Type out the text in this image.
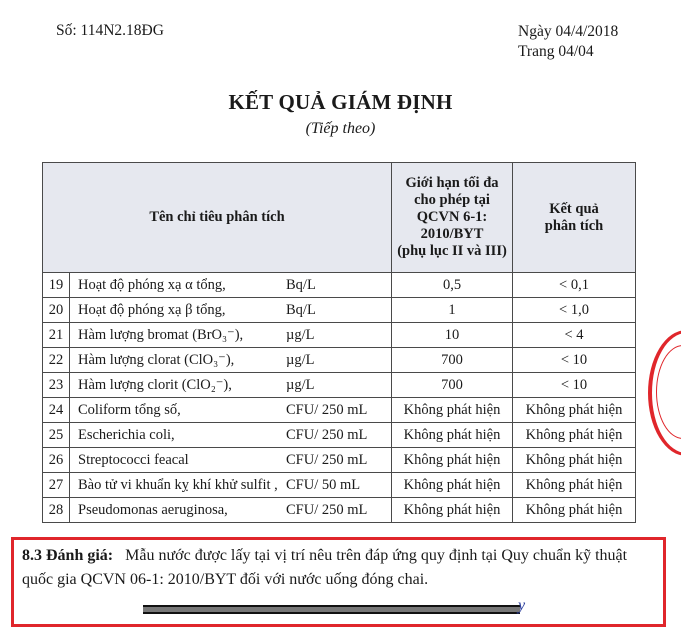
Số: 114N2.18ĐG	Ngày 04/4/2018
Trang 04/04
KẾT QUẢ GIÁM ĐỊNH
(Tiếp theo)
Tên chỉ tiêu phân tích	
Giới hạn tối đa
cho phép tại
QCVN 6-1:
2010/BYT
(phụ lục II và III)

Kết quả
phân tích

19	Hoạt độ phóng xạ α tổng,	Bq/L	0,5	< 0,1
20	Hoạt độ phóng xạ β tổng,	Bq/L	1	< 1,0
21	Hàm lượng bromat (BrO₃⁻),	µg/L	10	< 4
22	Hàm lượng clorat (ClO₃⁻),	µg/L	700	< 10
23	Hàm lượng clorit (ClO₂⁻),	µg/L	700	< 10
24	Coliform tổng số,	CFU/ 250 mL	Không phát hiện	Không phát hiện
25	Escherichia coli,	CFU/ 250 mL	Không phát hiện	Không phát hiện
26	Streptococci feacal	CFU/ 250 mL	Không phát hiện	Không phát hiện
27	Bào tử vi khuẩn kỵ khí khử sulfit ,	CFU/ 50 mL	Không phát hiện	Không phát hiện
28	Pseudomonas aeruginosa,	CFU/ 250 mL	Không phát hiện	Không phát hiện
8.3 Đánh giá: Mẫu nước được lấy tại vị trí nêu trên đáp ứng quy định tại Quy chuẩn kỹ thuật quốc gia QCVN 06-1: 2010/BYT đối với nước uống đóng chai.
y
